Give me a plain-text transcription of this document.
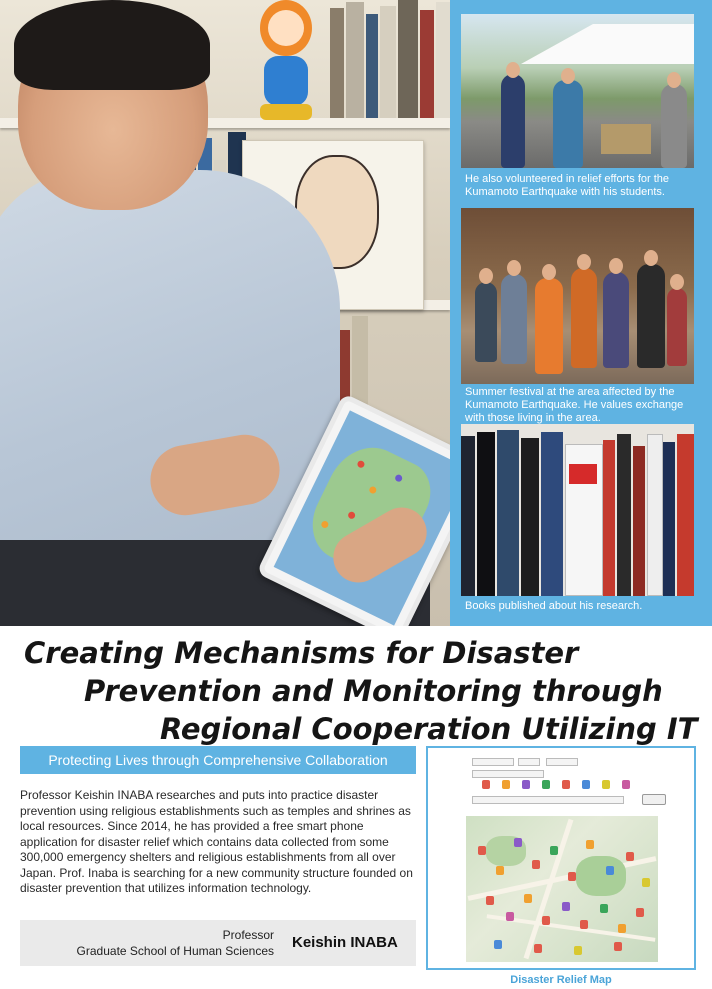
He also volunteered in relief efforts for the Kumamoto Earthquake with his students.
Summer festival at the area affected by the Kumamoto Earthquake. He values exchange with those living in the area.
Books published about his research.
Creating Mechanisms for Disaster
Prevention and Monitoring through
Regional Cooperation Utilizing IT
Protecting Lives through Comprehensive Collaboration
Professor Keishin INABA researches and puts into practice disaster prevention using religious establishments such as temples and shrines as local resources. Since 2014, he has provided a free smart phone application for disaster relief which contains data collected from some 300,000 emergency shelters and religious establishments from all over Japan. Prof. Inaba is searching for a new community structure founded on disaster prevention that utilizes information technology.
Professor
Graduate School of Human Sciences Keishin INABA
Disaster Relief Map
